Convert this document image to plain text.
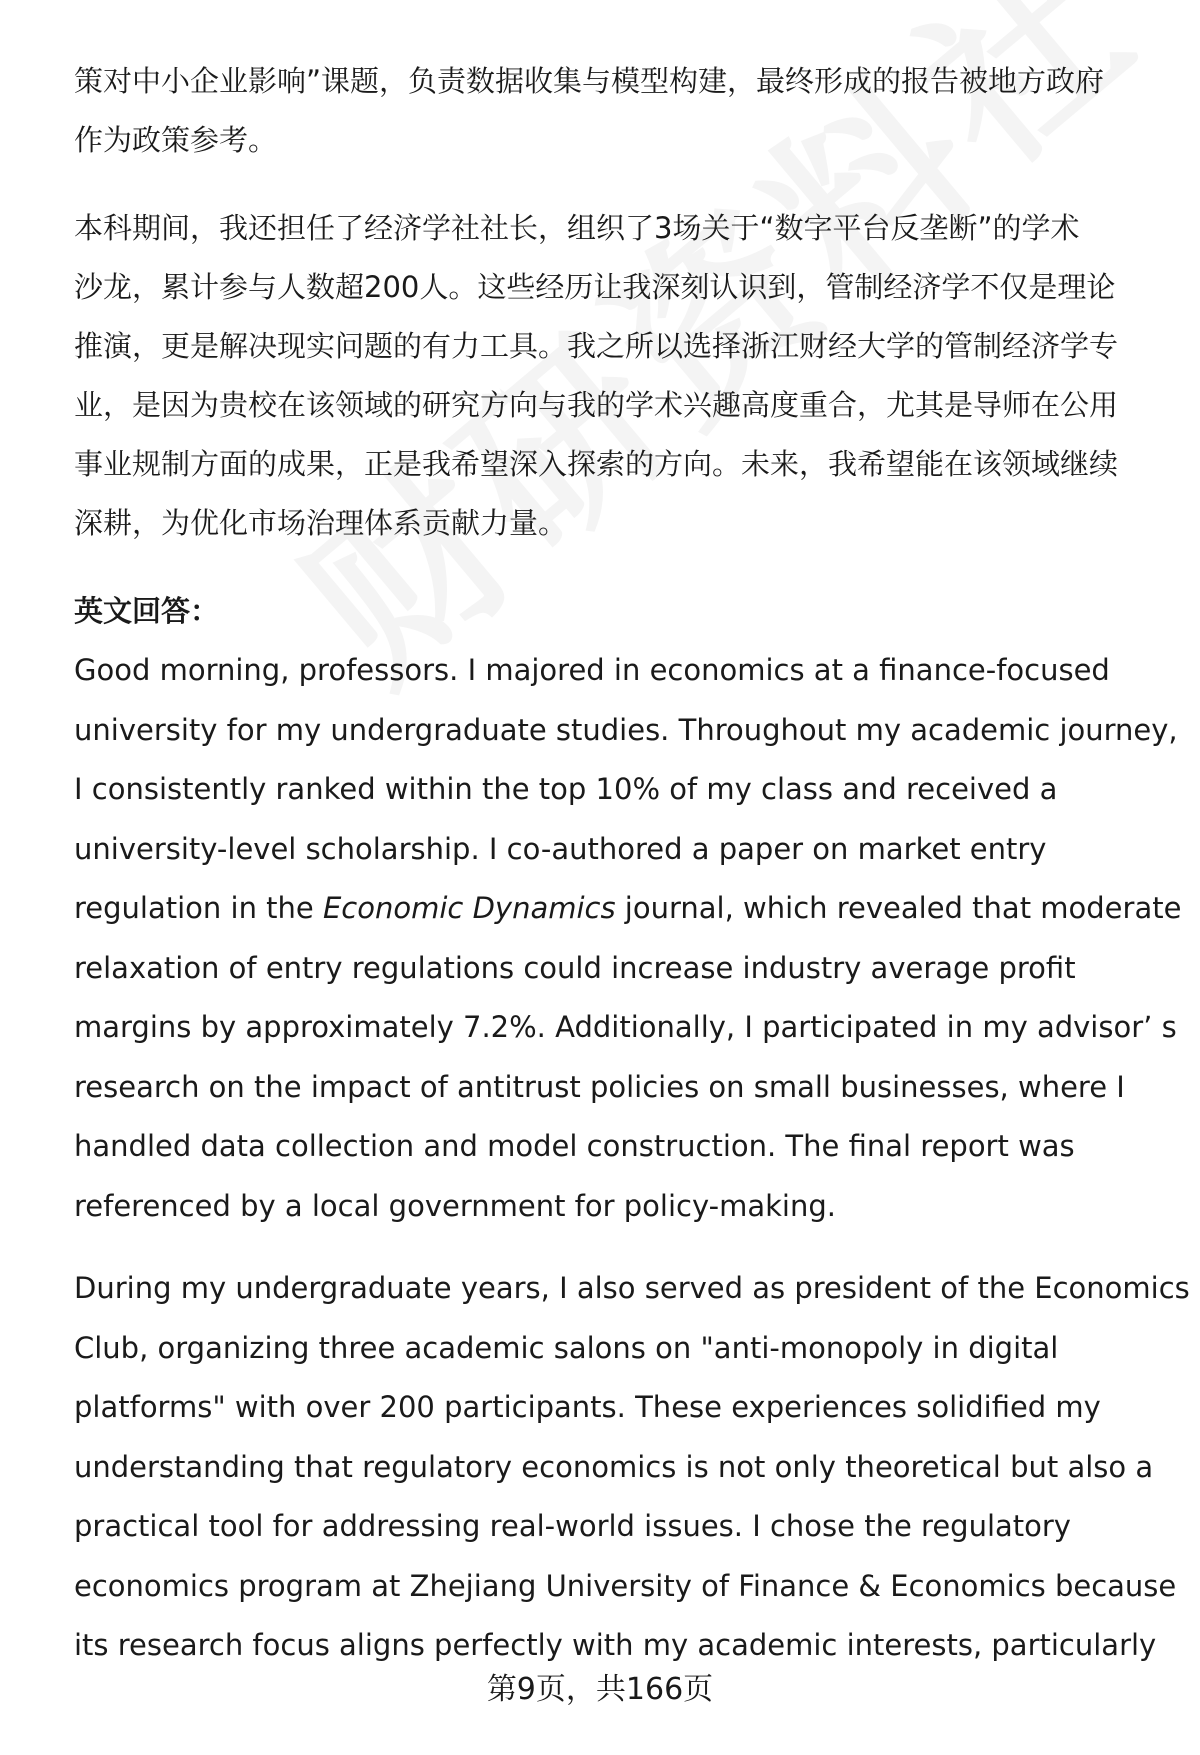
策对中小企业影响”课题，负责数据收集与模型构建，最终形成的报告被地方政府
作为政策参考。

本科期间，我还担任了经济学社社长，组织了3场关于“数字平台反垄断”的学术
沙龙，累计参与人数超200人。这些经历让我深刻认识到，管制经济学不仅是理论
推演，更是解决现实问题的有力工具。我之所以选择浙江财经大学的管制经济学专
业，是因为贵校在该领域的研究方向与我的学术兴趣高度重合，尤其是导师在公用
事业规制方面的成果，正是我希望深入探索的方向。未来，我希望能在该领域继续
深耕，为优化市场治理体系贡献力量。

英文回答：

Good morning, professors. I majored in economics at a finance-focused
university for my undergraduate studies. Throughout my academic journey,
I consistently ranked within the top 10% of my class and received a
university-level scholarship. I co-authored a paper on market entry
regulation in the Economic Dynamics journal, which revealed that moderate
relaxation of entry regulations could increase industry average profit
margins by approximately 7.2%. Additionally, I participated in my advisor’ s
research on the impact of antitrust policies on small businesses, where I
handled data collection and model construction. The final report was
referenced by a local government for policy-making.

During my undergraduate years, I also served as president of the Economics
Club, organizing three academic salons on "anti-monopoly in digital
platforms" with over 200 participants. These experiences solidified my
understanding that regulatory economics is not only theoretical but also a
practical tool for addressing real-world issues. I chose the regulatory
economics program at Zhejiang University of Finance & Economics because
its research focus aligns perfectly with my academic interests, particularly

第9页，共166页
